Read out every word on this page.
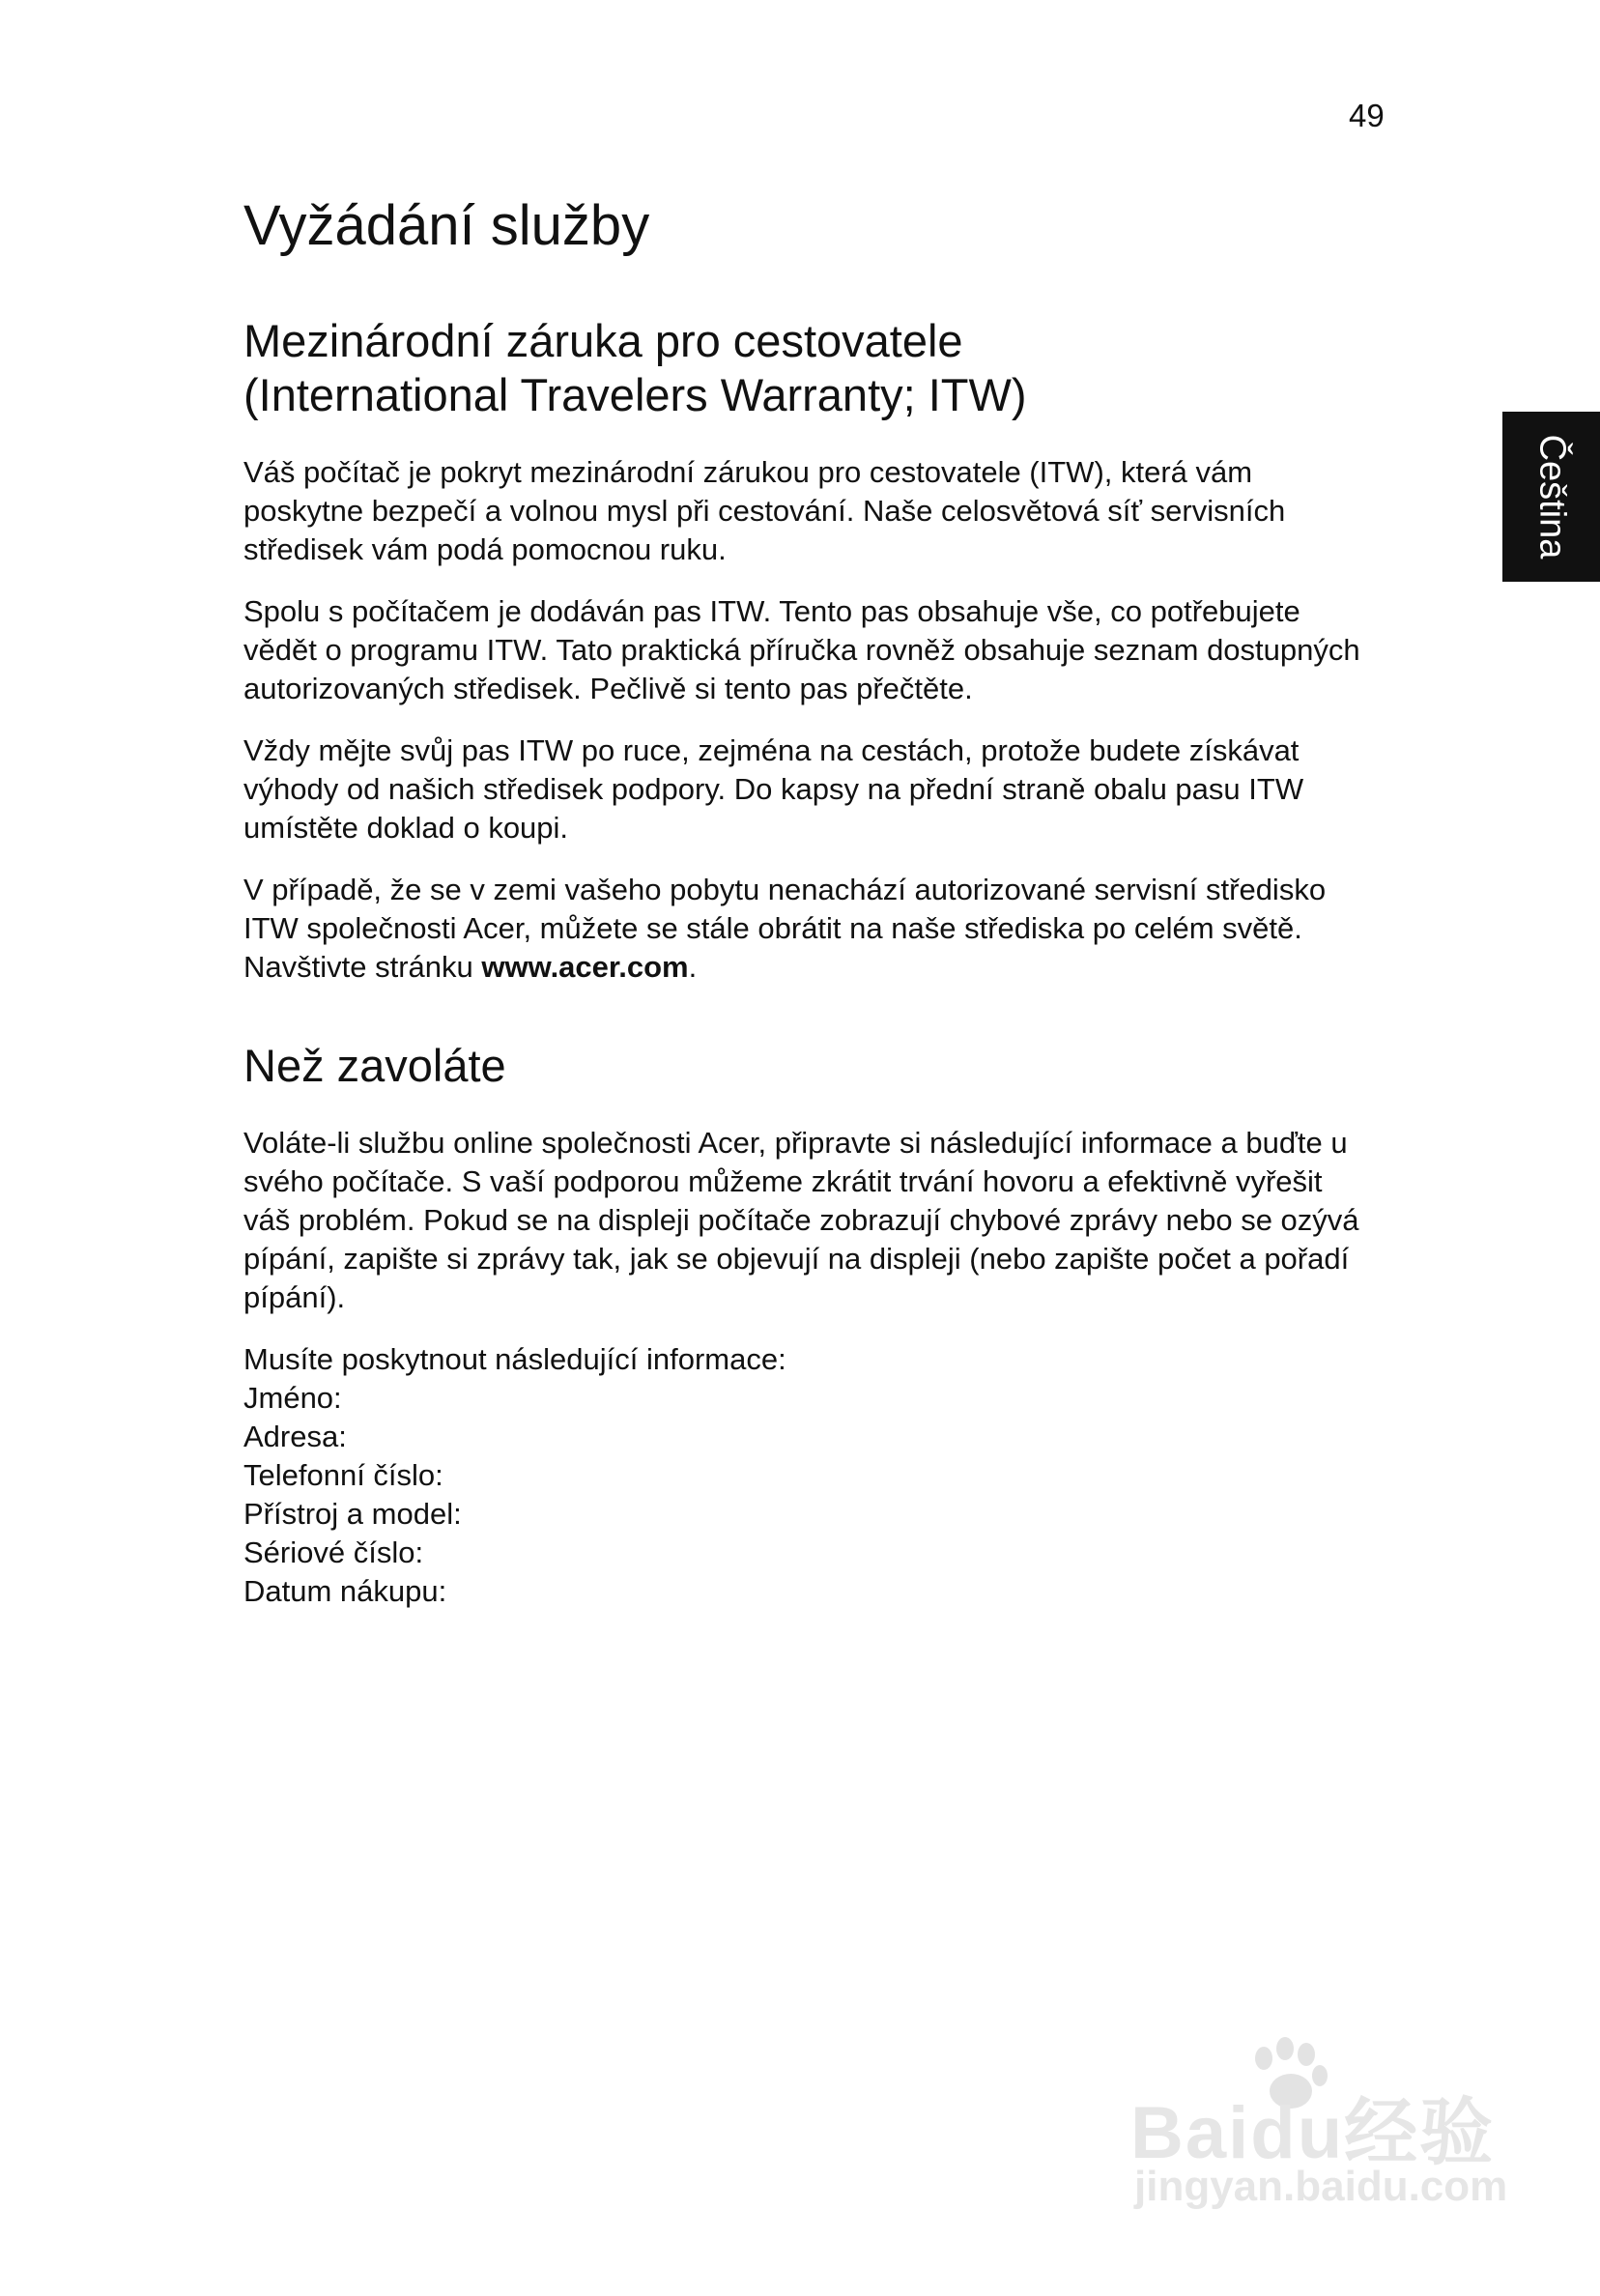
49
Čeština
Vyžádání služby
Mezinárodní záruka pro cestovatele
(International Travelers Warranty; ITW)

Váš počítač je pokryt mezinárodní zárukou pro cestovatele (ITW), která vám
poskytne bezpečí a volnou mysl při cestování. Naše celosvětová síť servisních
středisek vám podá pomocnou ruku.

Spolu s počítačem je dodáván pas ITW. Tento pas obsahuje vše, co potřebujete
vědět o programu ITW. Tato praktická příručka rovněž obsahuje seznam dostupných
autorizovaných středisek. Pečlivě si tento pas přečtěte.

Vždy mějte svůj pas ITW po ruce, zejména na cestách, protože budete získávat
výhody od našich středisek podpory. Do kapsy na přední straně obalu pasu ITW
umístěte doklad o koupi.

V případě, že se v zemi vašeho pobytu nenachází autorizované servisní středisko
ITW společnosti Acer, můžete se stále obrátit na naše střediska po celém světě.
Navštivte stránku www.acer.com.

Než zavoláte

Voláte-li službu online společnosti Acer, připravte si následující informace a buďte u
svého počítače. S vaší podporou můžeme zkrátit trvání hovoru a efektivně vyřešit
váš problém. Pokud se na displeji počítače zobrazují chybové zprávy nebo se ozývá
pípání, zapište si zprávy tak, jak se objevují na displeji (nebo zapište počet a pořadí
pípání).

Musíte poskytnout následující informace:
Jméno:
Adresa:
Telefonní číslo:
Přístroj a model:
Sériové číslo:
Datum nákupu:
Baidu经验
jingyan.baidu.com
